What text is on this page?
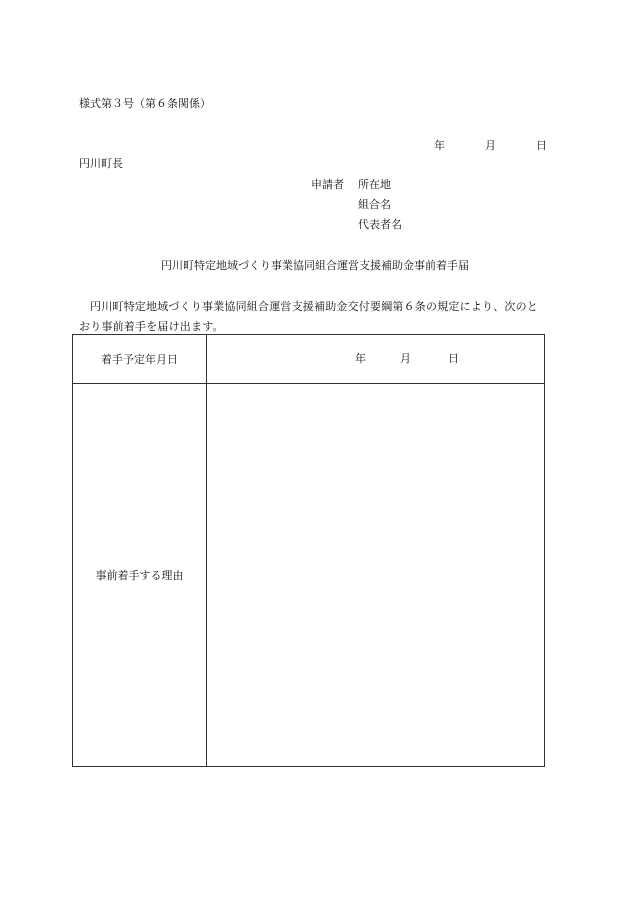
様式第３号（第６条関係）
年	月	日
円川町長
申請者 所在地
組合名
代表者名
円川町特定地域づくり事業協同組合運営支援補助金事前着手届
円川町特定地域づくり事業協同組合運営支援補助金交付要綱第６条の規定により、次のとおり事前着手を届け出ます。
着手予定年月日	年	月	日
事前着手する理由
